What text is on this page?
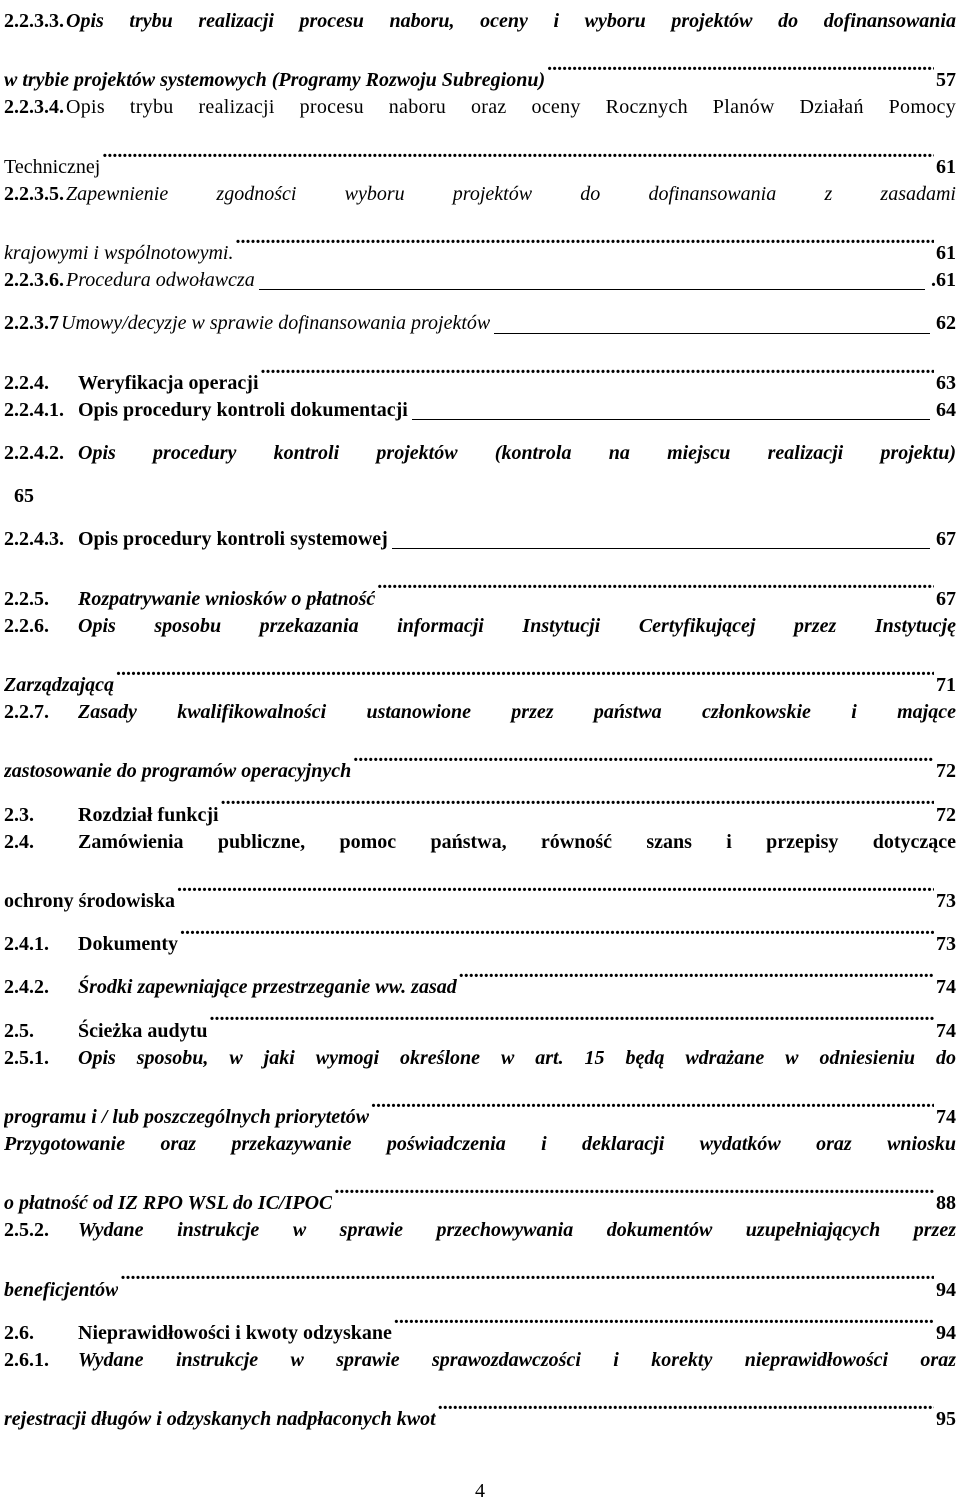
2.2.3.3. Opis trybu realizacji procesu naboru, oceny i wyboru projektów do dofinansowania
w trybie projektów systemowych (Programy Rozwoju Subregionu) .....	57
2.2.3.4. Opis trybu realizacji procesu naboru oraz oceny Rocznych Planów Działań Pomocy
Technicznej .....	61
2.2.3.5. Zapewnienie zgodności wyboru projektów do dofinansowania z zasadami
krajowymi i wspólnotowymi. .....	61
2.2.3.6. Procedura odwoławcza	.61
2.2.3.7 Umowy/decyzje w sprawie dofinansowania projektów	62
2.2.4.	Weryfikacja operacji .....	63
2.2.4.1. Opis procedury kontroli dokumentacji	64
2.2.4.2. Opis procedury kontroli projektów (kontrola na miejscu realizacji projektu)
65
2.2.4.3. Opis procedury kontroli systemowej	67
2.2.5.	Rozpatrywanie wniosków o płatność .....	67
2.2.6.	Opis sposobu przekazania informacji Instytucji Certyfikującej przez Instytucję
Zarządzającą .....	71
2.2.7.	Zasady kwalifikowalności ustanowione przez państwa członkowskie i mające
zastosowanie do programów operacyjnych .....	72
2.3.	Rozdział funkcji .....	72
2.4.	Zamówienia publiczne, pomoc państwa, równość szans i przepisy dotyczące
ochrony środowiska .....	73
2.4.1.	Dokumenty .....	73
2.4.2.	Środki zapewniające przestrzeganie ww. zasad .....	74
2.5.	Ścieżka audytu .....	74
2.5.1.	Opis sposobu, w jaki wymogi określone w art. 15 będą wdrażane w odniesieniu do
programu i / lub poszczególnych priorytetów .....	74
Przygotowanie oraz przekazywanie poświadczenia i deklaracji wydatków oraz wniosku
o płatność od IZ RPO WSL do IC/IPOC .....	88
2.5.2.	Wydane instrukcje w sprawie przechowywania dokumentów uzupełniających przez
beneficjentów .....	94
2.6.	Nieprawidłowości i kwoty odzyskane .....	94
2.6.1.	Wydane instrukcje w sprawie sprawozdawczości i korekty nieprawidłowości oraz
rejestracji długów i odzyskanych nadpłaconych kwot .....	95
4
